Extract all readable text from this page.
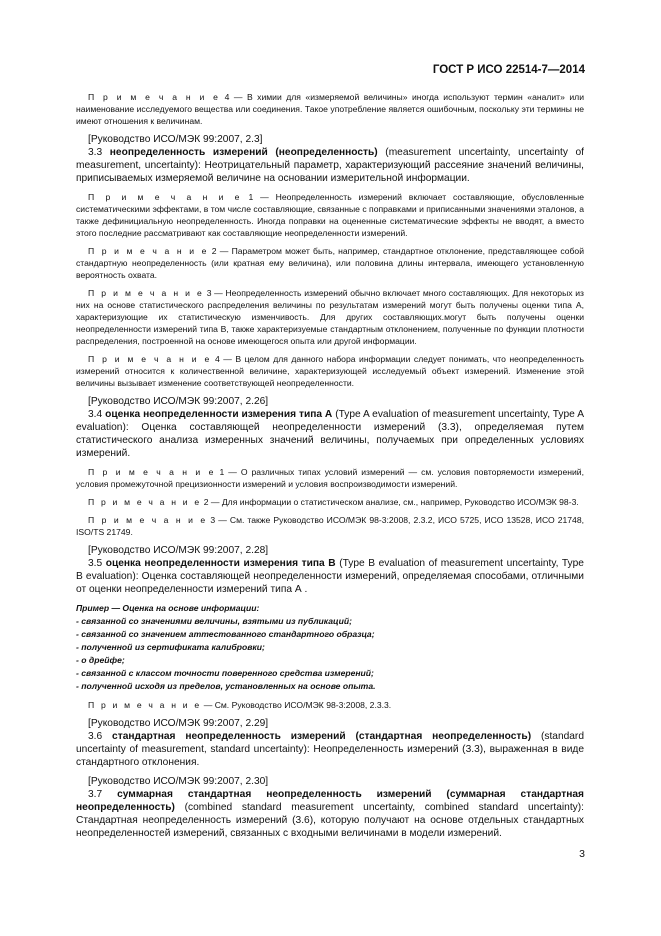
ГОСТ Р ИСО 22514-7—2014

П р и м е ч а н и е 4 — В химии для «измеряемой величины» иногда используют термин «аналит» или наименование исследуемого вещества или соединения. Такое употребление является ошибочным, поскольку эти термины не имеют отношения к величинам.

[Руководство ИСО/МЭК 99:2007, 2.3]

3.3 неопределенность измерений (неопределенность) (measurement uncertainty, uncertainty of measurement, uncertainty): Неотрицательный параметр, характеризующий рассеяние значений величины, приписываемых измеряемой величине на основании измерительной информации.

П р и м е ч а н и е 1 — Неопределенность измерений включает составляющие, обусловленные систематическими эффектами, в том числе составляющие, связанные с поправками и приписанными значениями эталонов, а также дефинициальную неопределенность. Иногда поправки на оцененные систематические эффекты не вводят, а вместо этого последние рассматривают как составляющие неопределенности измерений.

П р и м е ч а н и е 2 — Параметром может быть, например, стандартное отклонение, представляющее собой стандартную неопределенность (или кратная ему величина), или половина длины интервала, имеющего установленную вероятность охвата.

П р и м е ч а н и е 3 — Неопределенность измерений обычно включает много составляющих. Для некоторых из них на основе статистического распределения величины по результатам измерений могут быть получены оценки типа А, характеризующие их статистическую изменчивость. Для других составляющих.могут быть получены оценки неопределенности измерений типа В, также характеризуемые стандартным отклонением, полученные по функции плотности распределения, построенной на основе имеющегося опыта или другой информации.

П р и м е ч а н и е 4 — В целом для данного набора информации следует понимать, что неопределенность измерений относится к количественной величине, характеризующей исследуемый объект измерений. Изменение этой величины вызывает изменение соответствующей неопределенности.

[Руководство ИСО/МЭК 99:2007, 2.26]

3.4 оценка неопределенности измерения типа А (Type A evaluation of measurement uncertainty, Type A evaluation): Оценка составляющей неопределенности измерений (3.3), определяемая путем статистического анализа измеренных значений величины, получаемых при определенных условиях измерений.

П р и м е ч а н и е 1 — О различных типах условий измерений — см. условия повторяемости измерений, условия промежуточной прецизионности измерений и условия воспроизводимости измерений.

П р и м е ч а н и е 2 — Для информации о статистическом анализе, см., например, Руководство ИСО/МЭК 98-3.

П р и м е ч а н и е 3 — См. также Руководство ИСО/МЭК 98-3:2008, 2.3.2, ИСО 5725, ИСО 13528, ИСО 21748, ISO/TS 21749.

[Руководство ИСО/МЭК 99:2007, 2.28]

3.5 оценка неопределенности измерения типа В (Type B evaluation of measurement uncertainty, Type B evaluation): Оценка составляющей неопределенности измерений, определяемая способами, отличными от оценки неопределенности измерений типа А .

Пример — Оценка на основе информации:

- связанной со значениями величины, взятыми из публикаций;
- связанной со значением аттестованного стандартного образца;
- полученной из сертификата калибровки;
- о дрейфе;
- связанной с классом точности поверенного средства измерений;
- полученной исходя из пределов, установленных на основе опыта.

П р и м е ч а н и е — См. Руководство ИСО/МЭК 98-3:2008, 2.3.3.

[Руководство ИСО/МЭК 99:2007, 2.29]

3.6 стандартная неопределенность измерений (стандартная неопределенность) (standard uncertainty of measurement, standard uncertainty): Неопределенность измерений (3.3), выраженная в виде стандартного отклонения.

[Руководство ИСО/МЭК 99:2007, 2.30]

3.7 суммарная стандартная неопределенность измерений (суммарная стандартная неопределенность) (combined standard measurement uncertainty, combined standard uncertainty): Стандартная неопределенность измерений (3.6), которую получают на основе отдельных стандартных неопределенностей измерений, связанных с входными величинами в модели измерений.

3
